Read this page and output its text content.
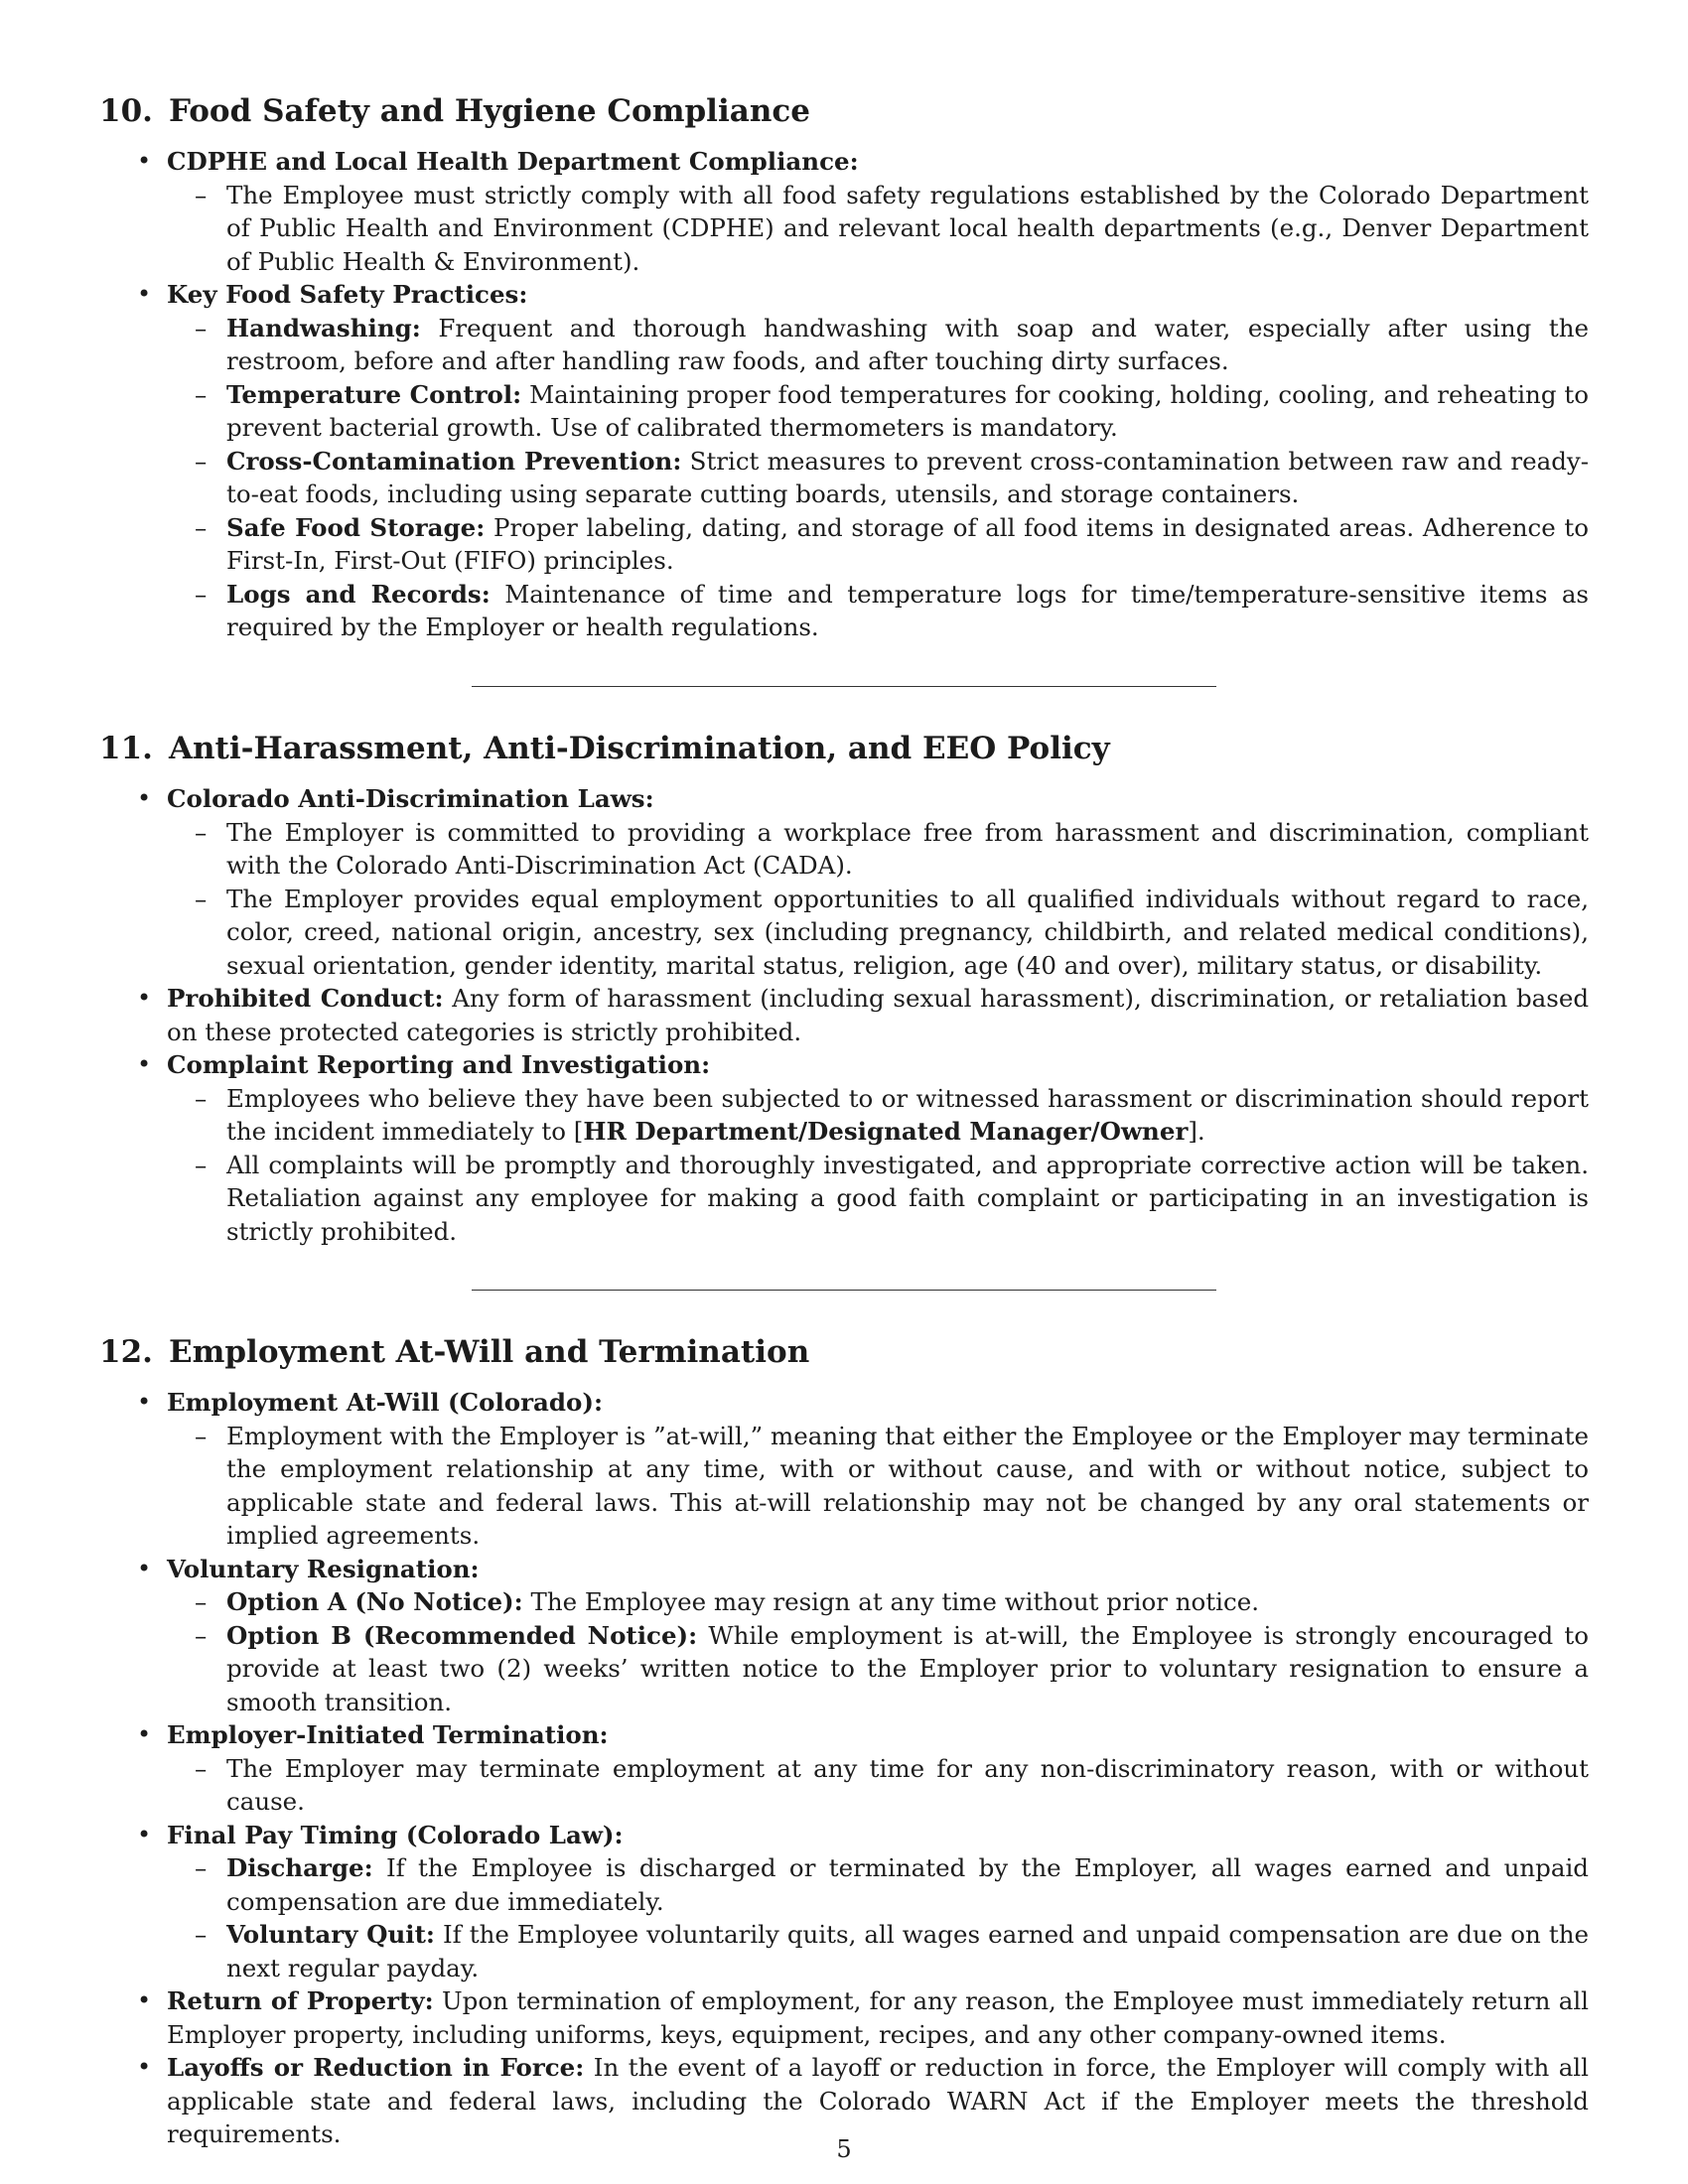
10. Food Safety and Hygiene Compliance
• CDPHE and Local Health Department Compliance:
– The Employee must strictly comply with all food safety regulations established by the Colorado Department of Public Health and Environment (CDPHE) and relevant local health departments (e.g., Denver Department of Public Health & Environment).
• Key Food Safety Practices:
– Handwashing: Frequent and thorough handwashing with soap and water, especially after using the restroom, before and after handling raw foods, and after touching dirty surfaces.
– Temperature Control: Maintaining proper food temperatures for cooking, holding, cooling, and reheating to prevent bacterial growth. Use of calibrated thermometers is mandatory.
– Cross-Contamination Prevention: Strict measures to prevent cross-contamination between raw and ready-to-eat foods, including using separate cutting boards, utensils, and storage containers.
– Safe Food Storage: Proper labeling, dating, and storage of all food items in designated areas. Adherence to First-In, First-Out (FIFO) principles.
– Logs and Records: Maintenance of time and temperature logs for time/temperature-sensitive items as required by the Employer or health regulations.
11. Anti-Harassment, Anti-Discrimination, and EEO Policy
• Colorado Anti-Discrimination Laws:
– The Employer is committed to providing a workplace free from harassment and discrimination, compliant with the Colorado Anti-Discrimination Act (CADA).
– The Employer provides equal employment opportunities to all qualified individuals without regard to race, color, creed, national origin, ancestry, sex (including pregnancy, childbirth, and related medical conditions), sexual orientation, gender identity, marital status, religion, age (40 and over), military status, or disability.
• Prohibited Conduct: Any form of harassment (including sexual harassment), discrimination, or retaliation based on these protected categories is strictly prohibited.
• Complaint Reporting and Investigation:
– Employees who believe they have been subjected to or witnessed harassment or discrimination should report the incident immediately to [HR Department/Designated Manager/Owner].
– All complaints will be promptly and thoroughly investigated, and appropriate corrective action will be taken. Retaliation against any employee for making a good faith complaint or participating in an investigation is strictly prohibited.
12. Employment At-Will and Termination
• Employment At-Will (Colorado):
– Employment with the Employer is ”at-will,” meaning that either the Employee or the Employer may terminate the employment relationship at any time, with or without cause, and with or without notice, subject to applicable state and federal laws. This at-will relationship may not be changed by any oral statements or implied agreements.
• Voluntary Resignation:
– Option A (No Notice): The Employee may resign at any time without prior notice.
– Option B (Recommended Notice): While employment is at-will, the Employee is strongly encouraged to provide at least two (2) weeks’ written notice to the Employer prior to voluntary resignation to ensure a smooth transition.
• Employer-Initiated Termination:
– The Employer may terminate employment at any time for any non-discriminatory reason, with or without cause.
• Final Pay Timing (Colorado Law):
– Discharge: If the Employee is discharged or terminated by the Employer, all wages earned and unpaid compensation are due immediately.
– Voluntary Quit: If the Employee voluntarily quits, all wages earned and unpaid compensation are due on the next regular payday.
• Return of Property: Upon termination of employment, for any reason, the Employee must immediately return all Employer property, including uniforms, keys, equipment, recipes, and any other company-owned items.
• Layoffs or Reduction in Force: In the event of a layoff or reduction in force, the Employer will comply with all applicable state and federal laws, including the Colorado WARN Act if the Employer meets the threshold requirements.
5
